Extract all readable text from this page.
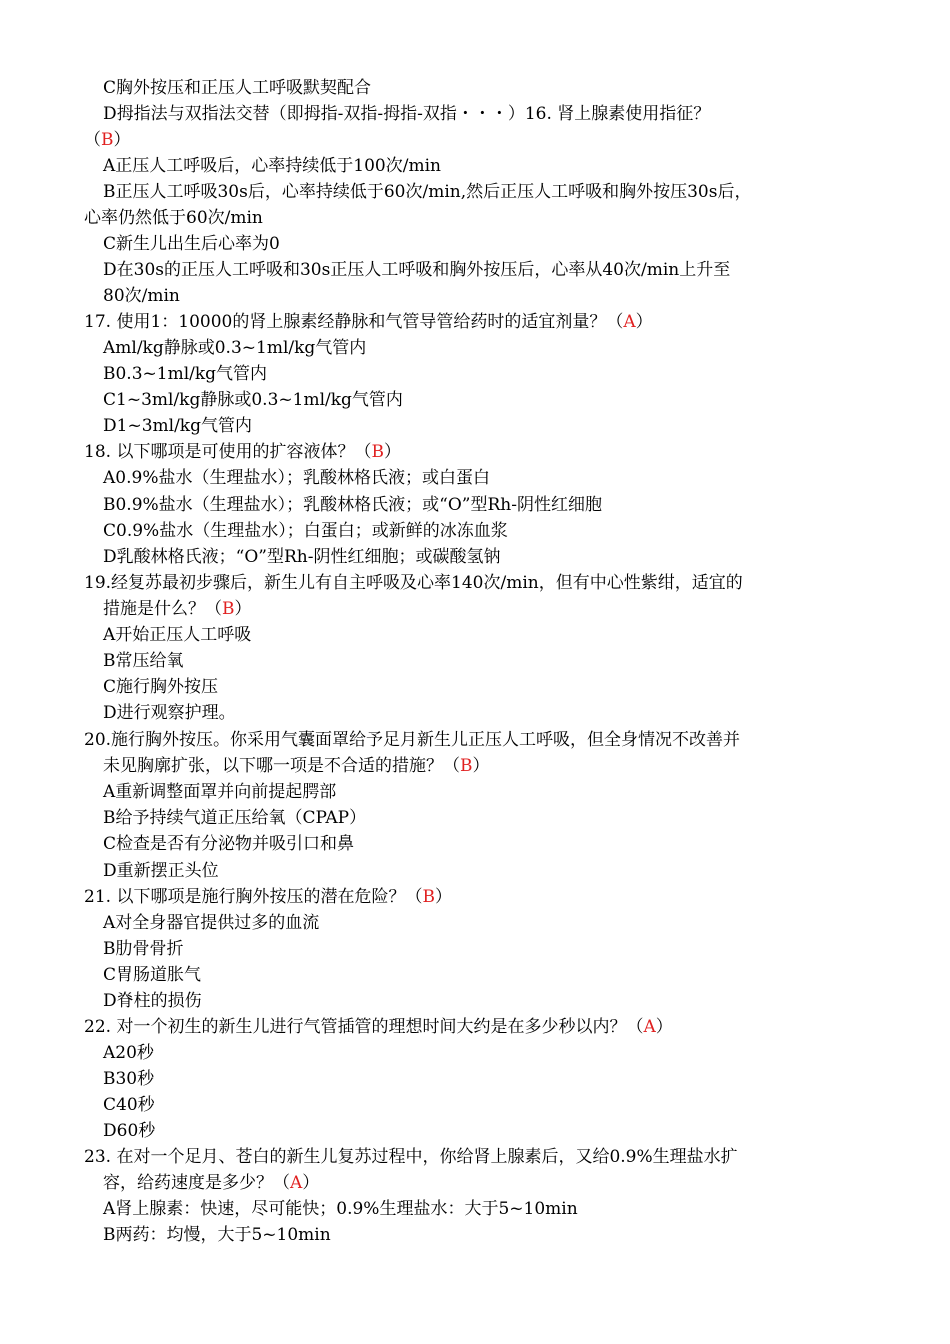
C胸外按压和正压人工呼吸默契配合
D拇指法与双指法交替（即拇指-双指-拇指-双指・・・）16. 肾上腺素使用指征？
（B）
A正压人工呼吸后，心率持续低于100次/min
B正压人工呼吸30s后，心率持续低于60次/min,然后正压人工呼吸和胸外按压30s后，
心率仍然低于60次/min
C新生儿出生后心率为0
D在30s的正压人工呼吸和30s正压人工呼吸和胸外按压后，心率从40次/min上升至
80次/min
17. 使用1：10000的肾上腺素经静脉和气管导管给药时的适宜剂量？（A）
Aml/kg静脉或0.3~1ml/kg气管内
B0.3~1ml/kg气管内
C1~3ml/kg静脉或0.3~1ml/kg气管内
D1~3ml/kg气管内
18. 以下哪项是可使用的扩容液体？（B）
A0.9%盐水（生理盐水）；乳酸林格氏液；或白蛋白
B0.9%盐水（生理盐水）；乳酸林格氏液；或“O”型Rh-阴性红细胞
C0.9%盐水（生理盐水）；白蛋白；或新鲜的冰冻血浆
D乳酸林格氏液；“O”型Rh-阴性红细胞；或碳酸氢钠
19.经复苏最初步骤后，新生儿有自主呼吸及心率140次/min，但有中心性紫绀，适宜的
措施是什么？（B）
A开始正压人工呼吸
B常压给氧
C施行胸外按压
D进行观察护理。
20.施行胸外按压。你采用气囊面罩给予足月新生儿正压人工呼吸，但全身情况不改善并
未见胸廓扩张，以下哪一项是不合适的措施？（B）
A重新调整面罩并向前提起腭部
B给予持续气道正压给氧（CPAP）
C检查是否有分泌物并吸引口和鼻
D重新摆正头位
21. 以下哪项是施行胸外按压的潜在危险？（B）
A对全身器官提供过多的血流
B肋骨骨折
C胃肠道胀气
D脊柱的损伤
22. 对一个初生的新生儿进行气管插管的理想时间大约是在多少秒以内？（A）
A20秒
B30秒
C40秒
D60秒
23. 在对一个足月、苍白的新生儿复苏过程中，你给肾上腺素后，又给0.9%生理盐水扩
容，给药速度是多少？（A）
A肾上腺素：快速，尽可能快；0.9%生理盐水：大于5~10min
B两药：均慢，大于5~10min
